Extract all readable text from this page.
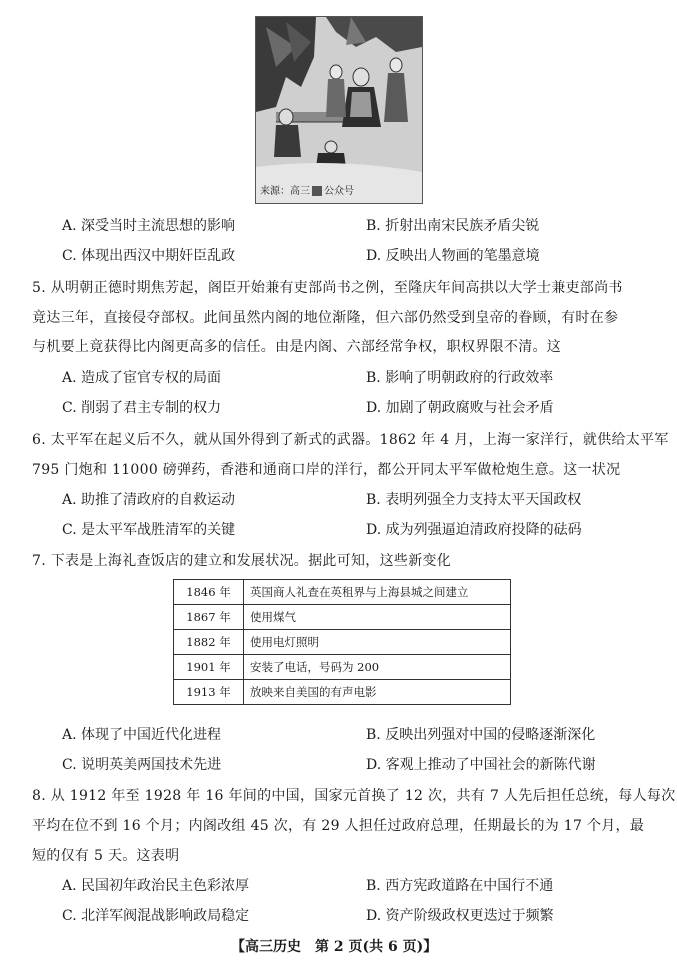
来源：高三 公众号
A. 深受当时主流思想的影响	B. 折射出南宋民族矛盾尖锐
C. 体现出西汉中期奸臣乱政	D. 反映出人物画的笔墨意境
5. 从明朝正德时期焦芳起，阁臣开始兼有吏部尚书之例，至隆庆年间高拱以大学士兼吏部尚书
竟达三年，直接侵夺部权。此间虽然内阁的地位渐隆，但六部仍然受到皇帝的眷顾，有时在参
与机要上竟获得比内阁更高多的信任。由是内阁、六部经常争权，职权界限不清。这
A. 造成了宦官专权的局面	B. 影响了明朝政府的行政效率
C. 削弱了君主专制的权力	D. 加剧了朝政腐败与社会矛盾
6. 太平军在起义后不久，就从国外得到了新式的武器。1862 年 4 月，上海一家洋行，就供给太平军
795 门炮和 11000 磅弹药，香港和通商口岸的洋行，都公开同太平军做枪炮生意。这一状况
A. 助推了清政府的自救运动	B. 表明列强全力支持太平天国政权
C. 是太平军战胜清军的关键	D. 成为列强逼迫清政府投降的砝码
7. 下表是上海礼查饭店的建立和发展状况。据此可知，这些新变化
1846 年	英国商人礼查在英租界与上海县城之间建立
1867 年	使用煤气
1882 年	使用电灯照明
1901 年	安装了电话，号码为 200
1913 年	放映来自美国的有声电影
A. 体现了中国近代化进程	B. 反映出列强对中国的侵略逐渐深化
C. 说明英美两国技术先进	D. 客观上推动了中国社会的新陈代谢
8. 从 1912 年至 1928 年 16 年间的中国，国家元首换了 12 次，共有 7 人先后担任总统，每人每次
平均在位不到 16 个月；内阁改组 45 次，有 29 人担任过政府总理，任期最长的为 17 个月，最
短的仅有 5 天。这表明
A. 民国初年政治民主色彩浓厚	B. 西方宪政道路在中国行不通
C. 北洋军阀混战影响政局稳定	D. 资产阶级政权更迭过于频繁
【高三历史　第 2 页(共 6 页)】
